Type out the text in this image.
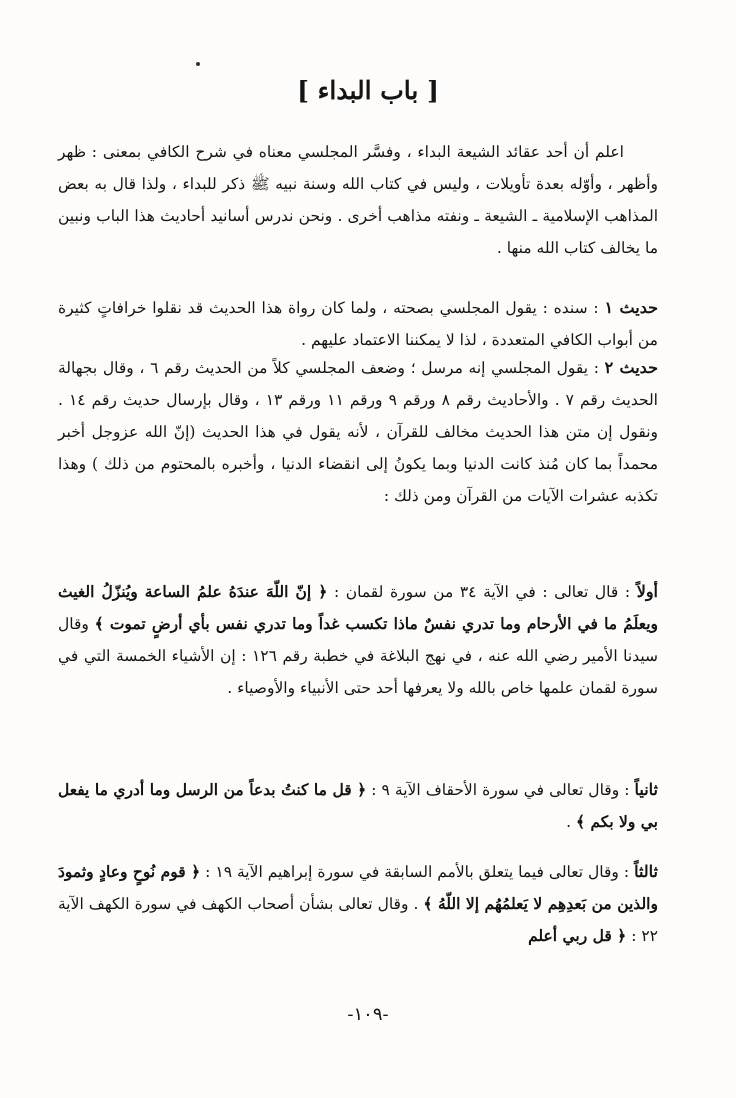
[ باب البداء ]

اعلم أن أحد عقائد الشيعة البداء ، وفسَّر المجلسي معناه في شرح الكافي بمعنى : ظهر وأظهر ، وأوّله بعدة تأويلات ، وليس في كتاب الله وسنة نبيه ﷺ ذكر للبداء ، ولذا قال به بعض المذاهب الإسلامية ـ الشيعة ـ ونفته مذاهب أخرى . ونحن ندرس أسانيد أحاديث هذا الباب ونبين ما يخالف كتاب الله منها .

حديث ١ : سنده : يقول المجلسي بصحته ، ولما كان رواة هذا الحديث قد نقلوا خرافاتٍ كثيرة من أبواب الكافي المتعددة ، لذا لا يمكننا الاعتماد عليهم .

حديث ٢ : يقول المجلسي إنه مرسل ؛ وضعف المجلسي كلاً من الحديث رقم ٦ ، وقال بجهالة الحديث رقم ٧ . والأحاديث رقم ٨ ورقم ٩ ورقم ١١ ورقم ١٣ ، وقال بإرسال حديث رقم ١٤ . ونقول إن متن هذا الحديث مخالف للقرآن ، لأنه يقول في هذا الحديث (إنّ الله عزوجل أخبر محمداً بما كان مُنذ كانت الدنيا وبما يكونُ إلى انقضاء الدنيا ، وأخبره بالمحتوم من ذلك ) وهذا تكذبه عشرات الآيات من القرآن ومن ذلك :

أولاً : قال تعالى : في الآية ٣٤ من سورة لقمان : ﴿ إنّ اللّهَ عندَهُ علمُ الساعة ويُنزّلُ الغيث ويعلَمُ ما في الأرحام وما تدري نفسٌ ماذا تكسب غداً وما تدري نفس بأي أرضٍ تموت ﴾ وقال سيدنا الأمير رضي الله عنه ، في نهج البلاغة في خطبة رقم ١٢٦ : إن الأشياء الخمسة التي في سورة لقمان علمها خاص بالله ولا يعرفها أحد حتى الأنبياء والأوصياء .

ثانياً : وقال تعالى في سورة الأحقاف الآية ٩ : ﴿ قل ما كنتُ بدعاً من الرسل وما أدري ما يفعل بي ولا بكم ﴾ .

ثالثاً : وقال تعالى فيما يتعلق بالأمم السابقة في سورة إبراهيم الآية ١٩ : ﴿ قوم نُوحٍ وعادٍ وثمودَ والذين من بَعدِهِم لا يَعلمُهُم إلا اللّهُ ﴾ . وقال تعالى بشأن أصحاب الكهف في سورة الكهف الآية ٢٢ : ﴿ قل ربي أعلم

-١٠٩-
